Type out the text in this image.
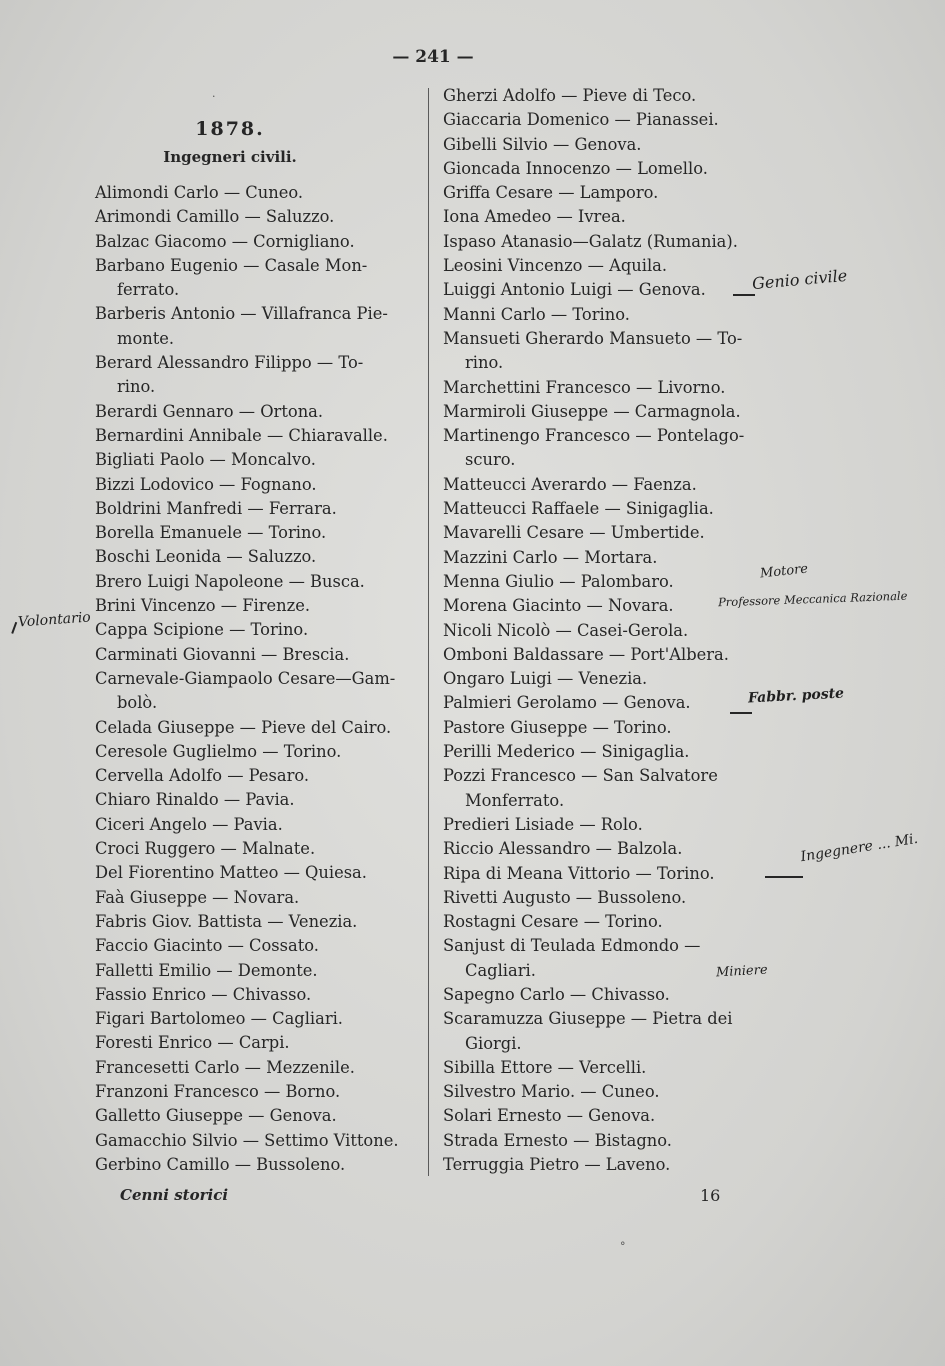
— 241 —
1878.
Ingegneri civili.
Alimondi Carlo — Cuneo.
Arimondi Camillo — Saluzzo.
Balzac Giacomo — Cornigliano.
Barbano Eugenio — Casale Mon-
ferrato.
Barberis Antonio — Villafranca Pie-
monte.
Berard Alessandro Filippo — To-
rino.
Berardi Gennaro — Ortona.
Bernardini Annibale — Chiaravalle.
Bigliati Paolo — Moncalvo.
Bizzi Lodovico — Fognano.
Boldrini Manfredi — Ferrara.
Borella Emanuele — Torino.
Boschi Leonida — Saluzzo.
Brero Luigi Napoleone — Busca.
Brini Vincenzo — Firenze.
Cappa Scipione — Torino.
Carminati Giovanni — Brescia.
Carnevale-Giampaolo Cesare—Gam-
bolò.
Celada Giuseppe — Pieve del Cairo.
Ceresole Guglielmo — Torino.
Cervella Adolfo — Pesaro.
Chiaro Rinaldo — Pavia.
Ciceri Angelo — Pavia.
Croci Ruggero — Malnate.
Del Fiorentino Matteo — Quiesa.
Faà Giuseppe — Novara.
Fabris Giov. Battista — Venezia.
Faccio Giacinto — Cossato.
Falletti Emilio — Demonte.
Fassio Enrico — Chivasso.
Figari Bartolomeo — Cagliari.
Foresti Enrico — Carpi.
Francesetti Carlo — Mezzenile.
Franzoni Francesco — Borno.
Galletto Giuseppe — Genova.
Gamacchio Silvio — Settimo Vittone.
Gerbino Camillo — Bussoleno.
Gherzi Adolfo — Pieve di Teco.
Giaccaria Domenico — Pianassei.
Gibelli Silvio — Genova.
Gioncada Innocenzo — Lomello.
Griffa Cesare — Lamporo.
Iona Amedeo — Ivrea.
Ispaso Atanasio—Galatz (Rumania).
Leosini Vincenzo — Aquila.
Luiggi Antonio Luigi — Genova.
Manni Carlo — Torino.
Mansueti Gherardo Mansueto — To-
rino.
Marchettini Francesco — Livorno.
Marmiroli Giuseppe — Carmagnola.
Martinengo Francesco — Pontelago-
scuro.
Matteucci Averardo — Faenza.
Matteucci Raffaele — Sinigaglia.
Mavarelli Cesare — Umbertide.
Mazzini Carlo — Mortara.
Menna Giulio — Palombaro.
Morena Giacinto — Novara.
Nicoli Nicolò — Casei-Gerola.
Omboni Baldassare — Port'Albera.
Ongaro Luigi — Venezia.
Palmieri Gerolamo — Genova.
Pastore Giuseppe — Torino.
Perilli Mederico — Sinigaglia.
Pozzi Francesco — San Salvatore
Monferrato.
Predieri Lisiade — Rolo.
Riccio Alessandro — Balzola.
Ripa di Meana Vittorio — Torino.
Rivetti Augusto — Bussoleno.
Rostagni Cesare — Torino.
Sanjust di Teulada Edmondo —
Cagliari.
Sapegno Carlo — Chivasso.
Scaramuzza Giuseppe — Pietra dei
Giorgi.
Sibilla Ettore — Vercelli.
Silvestro Mario. — Cuneo.
Solari Ernesto — Genova.
Strada Ernesto — Bistagno.
Terruggia Pietro — Laveno.
Cenni storici	16
Volontario
Genio civile
Motore
Professore Meccanica Razionale
Fabbr. poste
Ingegnere ... Mi.
Miniere
°
·
